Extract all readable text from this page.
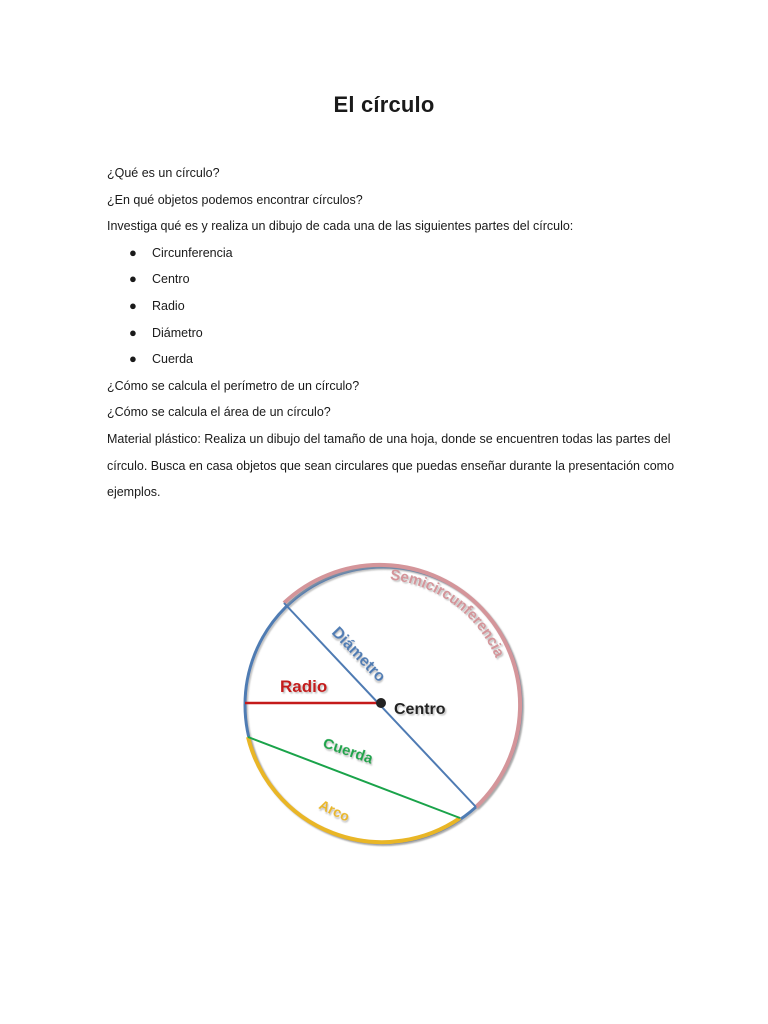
El círculo

¿Qué es un círculo?

¿En qué objetos podemos encontrar círculos?

Investiga qué es y realiza un dibujo de cada una de las siguientes partes del círculo:

● Circunferencia
● Centro
● Radio
● Diámetro
● Cuerda

¿Cómo se calcula el perímetro de un círculo?

¿Cómo se calcula el área de un círculo?

Material plástico: Realiza un dibujo del tamaño de una hoja, donde se encuentren todas las partes del círculo. Busca en casa objetos que sean circulares que puedas enseñar durante la presentación como ejemplos.

Semicircunferencia
Diámetro
Radio
Centro
Cuerda
Arco
